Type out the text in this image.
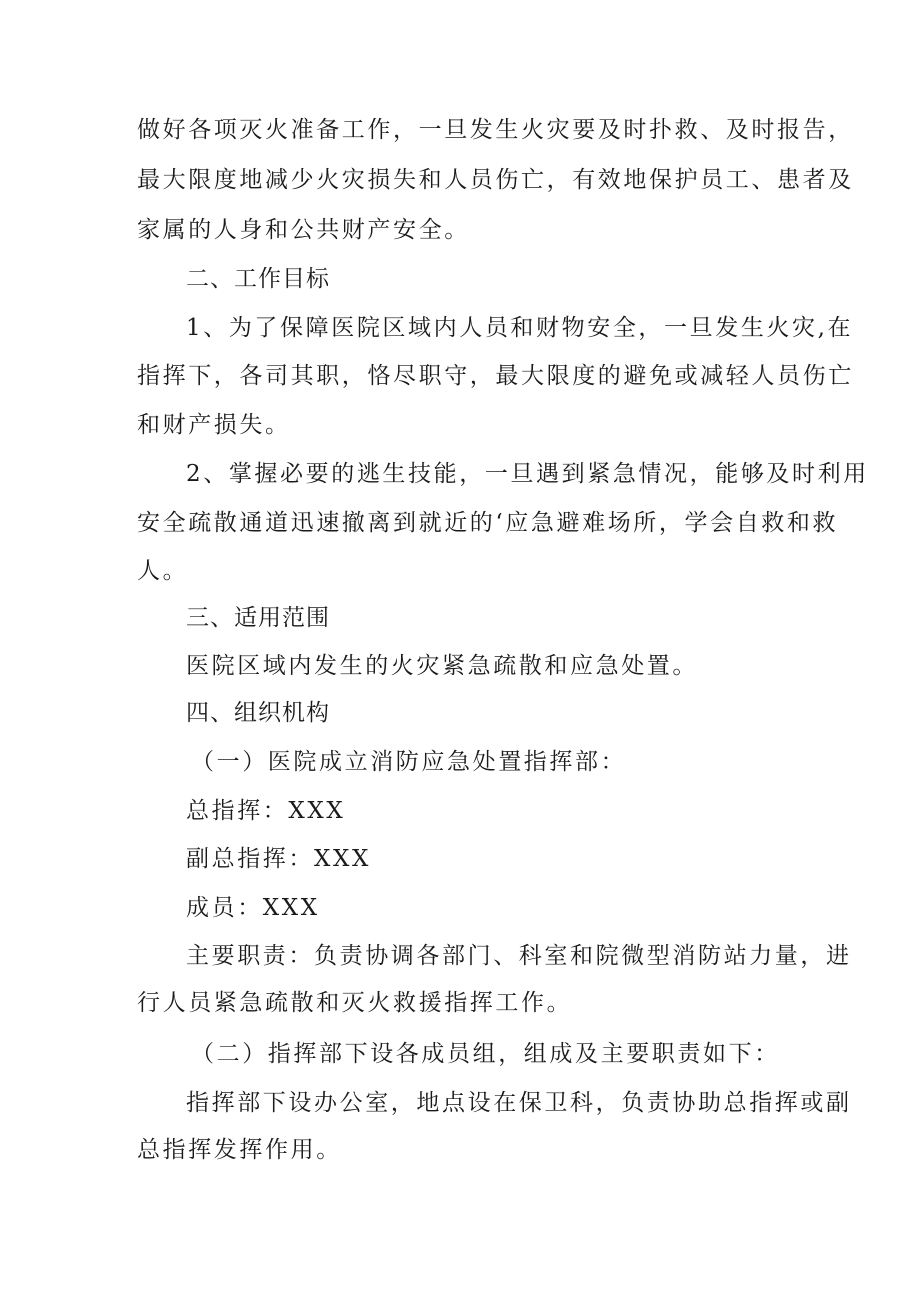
做好各项灭火准备工作，一旦发生火灾要及时扑救、及时报告，
最大限度地减少火灾损失和人员伤亡，有效地保护员工、患者及
家属的人身和公共财产安全。
二、工作目标
1、为了保障医院区域内人员和财物安全，一旦发生火灾,在
指挥下，各司其职，恪尽职守，最大限度的避免或减轻人员伤亡
和财产损失。
2、掌握必要的逃生技能，一旦遇到紧急情况，能够及时利用
安全疏散通道迅速撤离到就近的‘应急避难场所，学会自救和救
人。
三、适用范围
医院区域内发生的火灾紧急疏散和应急处置。
四、组织机构
（一）医院成立消防应急处置指挥部：
总指挥：XXX
副总指挥：XXX
成员：XXX
主要职责：负责协调各部门、科室和院微型消防站力量，进
行人员紧急疏散和灭火救援指挥工作。
（二）指挥部下设各成员组，组成及主要职责如下：
指挥部下设办公室，地点设在保卫科，负责协助总指挥或副
总指挥发挥作用。
